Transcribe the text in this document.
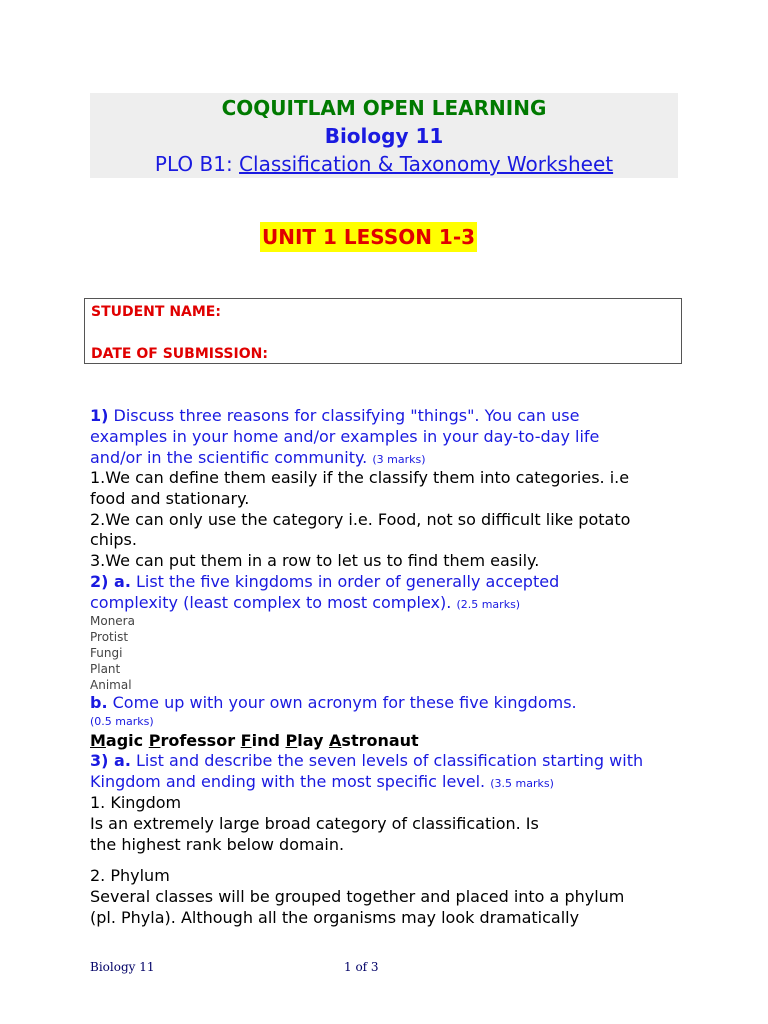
COQUITLAM OPEN LEARNING
Biology 11
PLO B1: Classification & Taxonomy Worksheet
UNIT 1 LESSON 1-3
STUDENT NAME:
DATE OF SUBMISSION:
1) Discuss three reasons for classifying "things". You can use
examples in your home and/or examples in your day-to-day life
and/or in the scientific community. (3 marks)
1.We can define them easily if the classify them into categories. i.e
food and stationary.
2.We can only use the category i.e. Food, not so difficult like potato
chips.
3.We can put them in a row to let us to find them easily.
2) a. List the five kingdoms in order of generally accepted
complexity (least complex to most complex). (2.5 marks)
Monera
Protist
Fungi
Plant
Animal
b. Come up with your own acronym for these five kingdoms.
(0.5 marks)
Magic Professor Find Play Astronaut
3) a. List and describe the seven levels of classification starting with
Kingdom and ending with the most specific level. (3.5 marks)
1. Kingdom
Is an extremely large broad category of classification. Is
the highest rank below domain.
2. Phylum
Several classes will be grouped together and placed into a phylum
(pl. Phyla). Although all the organisms may look dramatically
Biology 11	1 of 3
